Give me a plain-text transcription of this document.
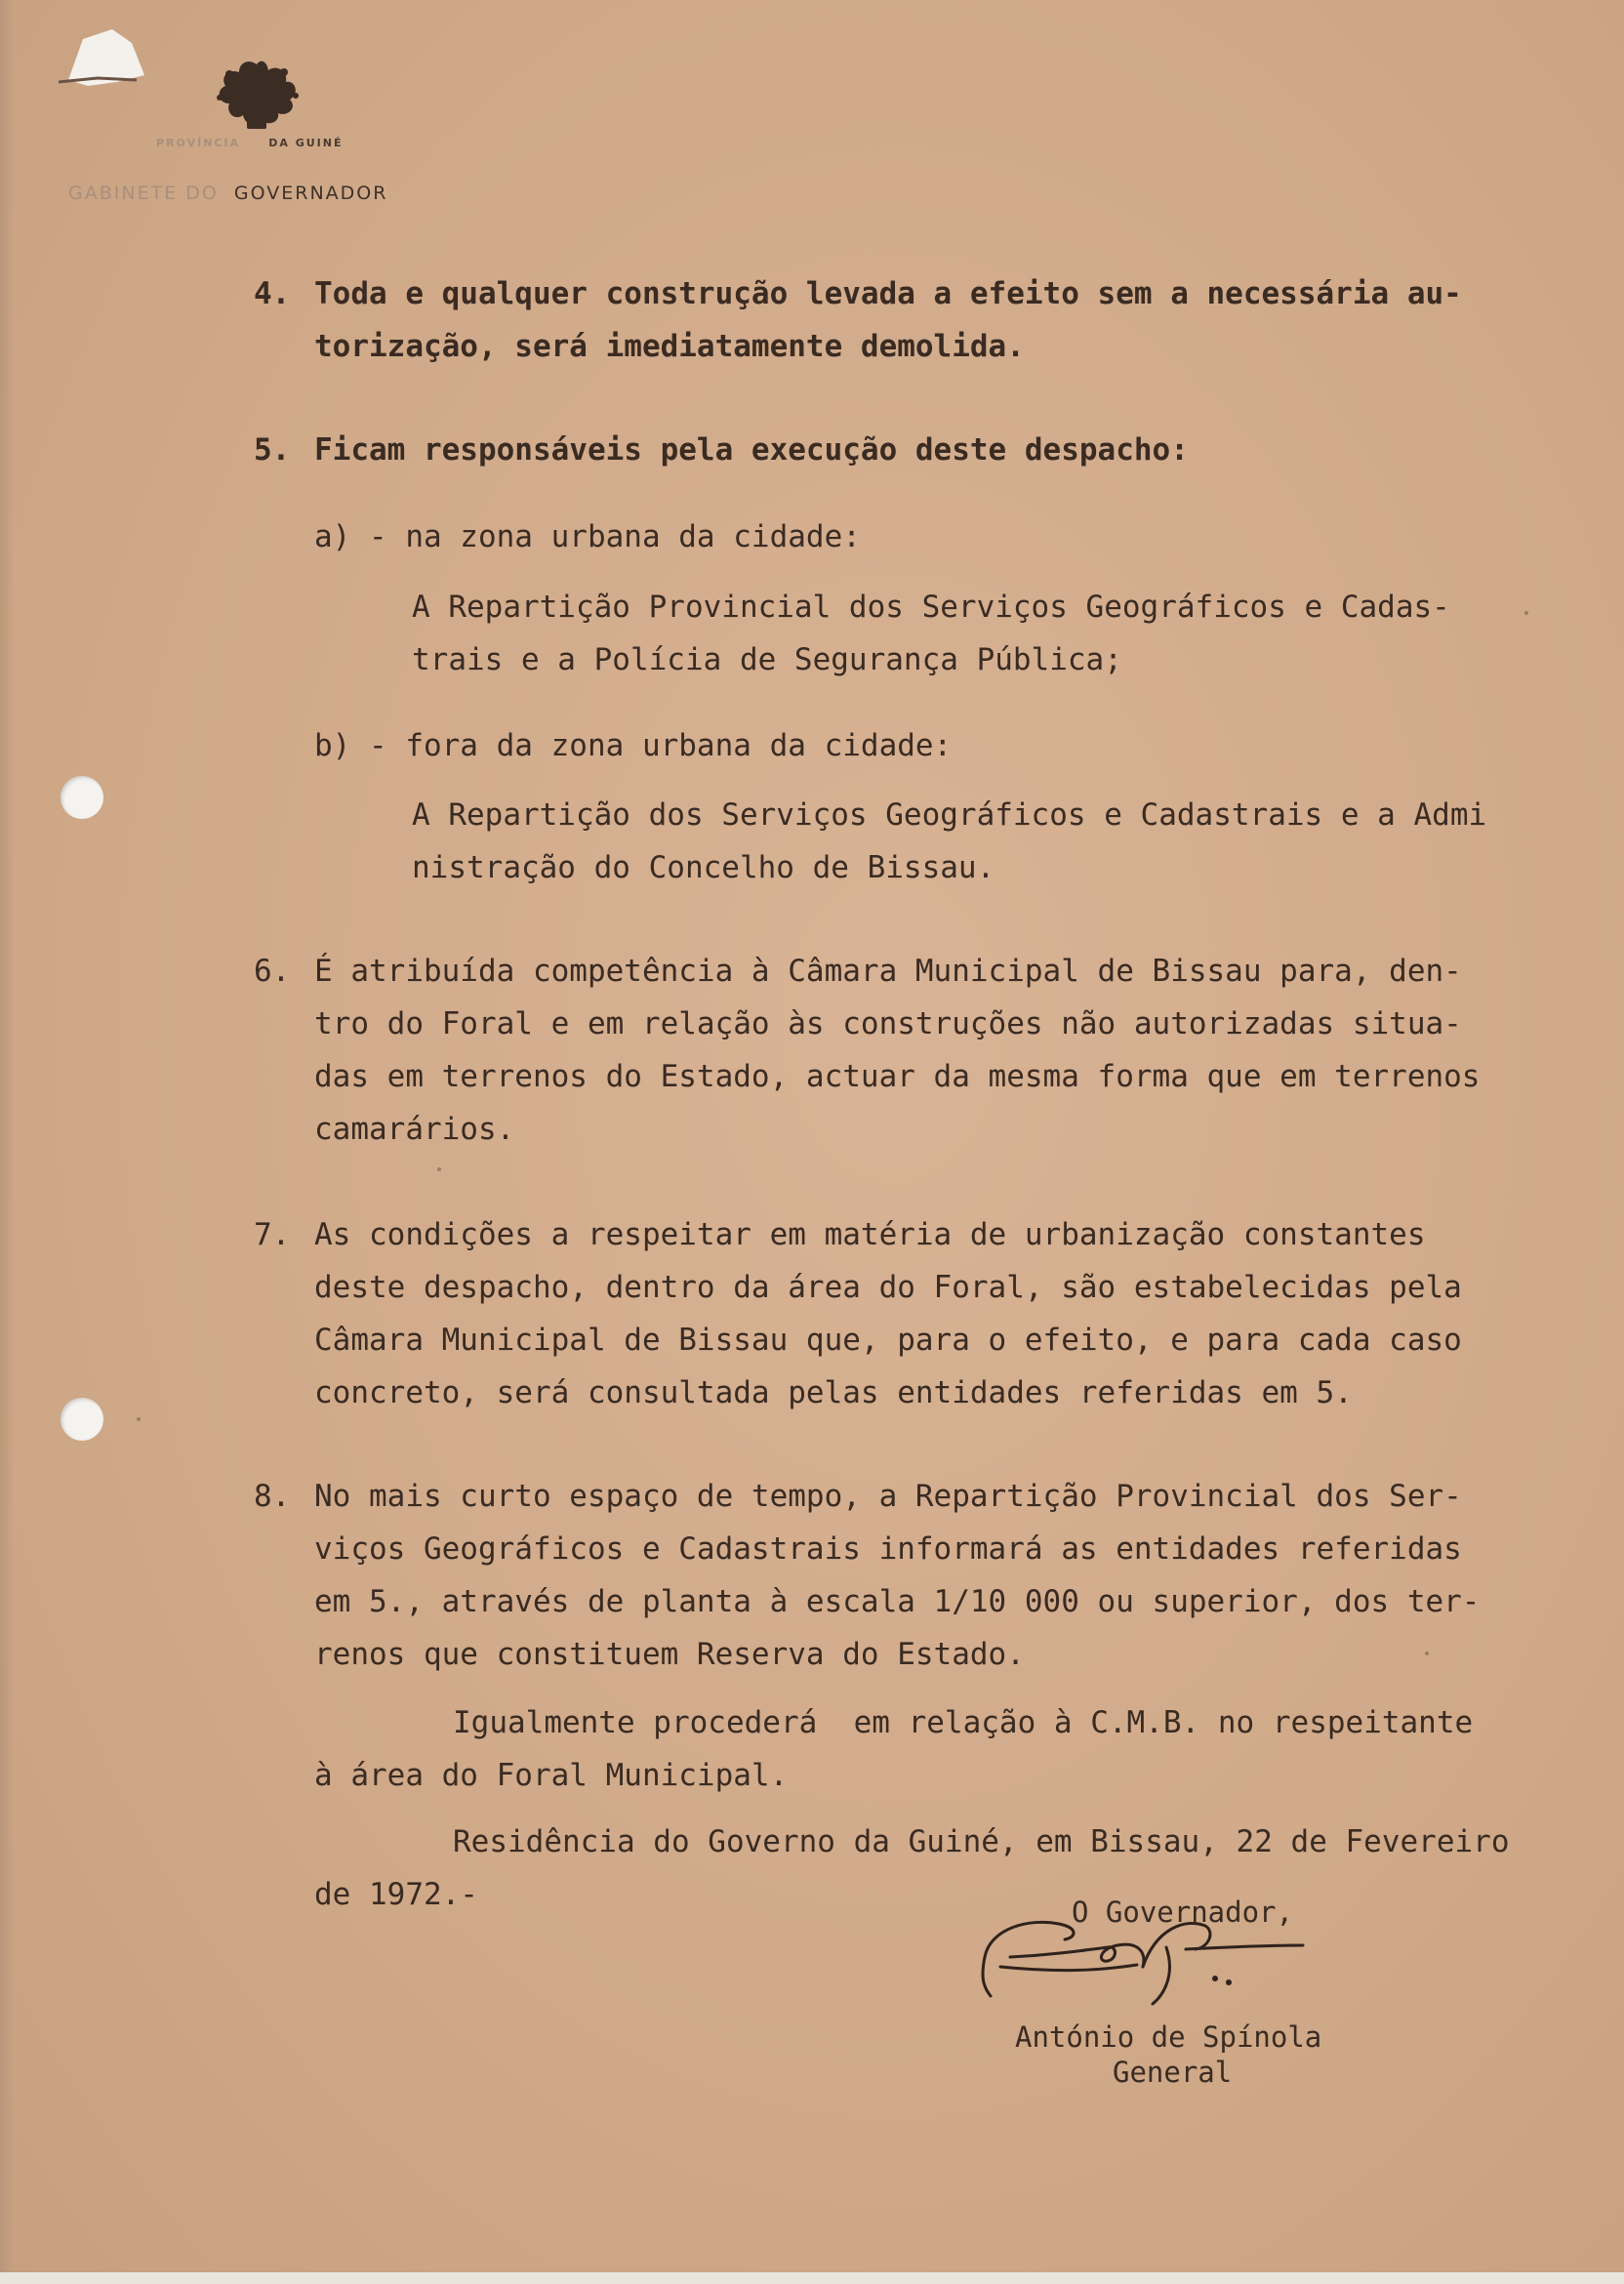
PROVÍNCIA	DA GUINÉ
GABINETE DO GOVERNADOR
4. Toda e qualquer construção levada a efeito sem a necessária au-
torização, será imediatamente demolida.
5. Ficam responsáveis pela execução deste despacho:
a) - na zona urbana da cidade:
A Repartição Provincial dos Serviços Geográficos e Cadas-
trais e a Polícia de Segurança Pública;
b) - fora da zona urbana da cidade:
A Repartição dos Serviços Geográficos e Cadastrais e a Admi
nistração do Concelho de Bissau.
6. É atribuída competência à Câmara Municipal de Bissau para, den-
tro do Foral e em relação às construções não autorizadas situa-
das em terrenos do Estado, actuar da mesma forma que em terrenos
camarários.
7. As condições a respeitar em matéria de urbanização constantes
deste despacho, dentro da área do Foral, são estabelecidas pela
Câmara Municipal de Bissau que, para o efeito, e para cada caso
concreto, será consultada pelas entidades referidas em 5.
8. No mais curto espaço de tempo, a Repartição Provincial dos Ser-
viços Geográficos e Cadastrais informará as entidades referidas
em 5., através de planta à escala 1/10 000 ou superior, dos ter-
renos que constituem Reserva do Estado.
Igualmente procederá  em relação à C.M.B. no respeitante
à área do Foral Municipal.
Residência do Governo da Guiné, em Bissau, 22 de Fevereiro
de 1972.-	O Governador,
António de Spínola
General
